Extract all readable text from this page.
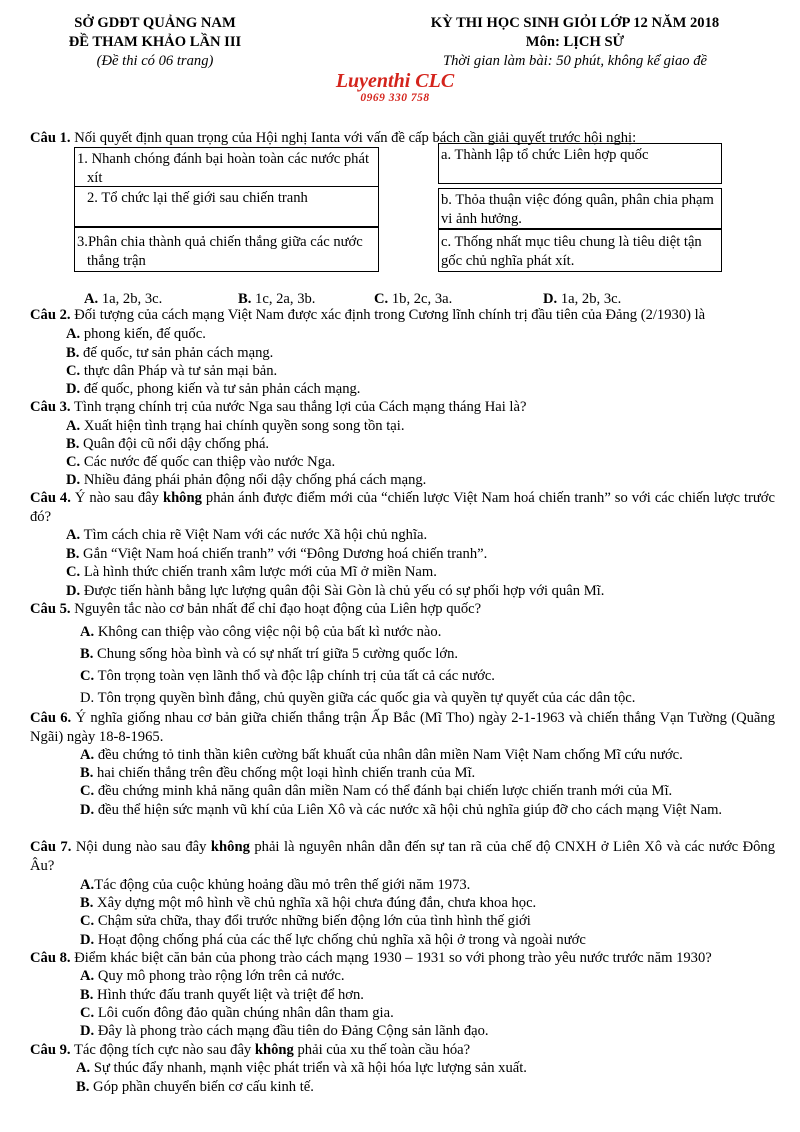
SỞ GDĐT QUẢNG NAM
ĐỀ THAM KHẢO LẦN III
(Đề thi có 06 trang)
KỲ THI HỌC SINH GIỎI LỚP 12 NĂM 2018
Môn: LỊCH SỬ
Thời gian làm bài: 50 phút, không kể giao đề
Luyenthi CLC
0969 330 758
Câu 1. Nối quyết định quan trọng của Hội nghị Ianta với vấn đề cấp bách cần giải quyết trước hội nghị:
1. Nhanh chóng đánh bại hoàn toàn các nước phát xít
2. Tổ chức lại thế giới sau chiến tranh
3.Phân chia thành quả chiến thắng giữa các nước thắng trận
a. Thành lập tổ chức Liên hợp quốc
b. Thỏa thuận việc đóng quân, phân chia phạm vi ảnh hưởng.
c. Thống nhất mục tiêu chung là tiêu diệt tận gốc chủ nghĩa phát xít.
A. 1a, 2b, 3c.	B. 1c, 2a, 3b.	C. 1b, 2c, 3a.	D. 1a, 2b, 3c.
Câu 2. Đối tượng của cách mạng Việt Nam được xác định trong Cương lĩnh chính trị đầu tiên của Đảng (2/1930) là
A. phong kiến, đế quốc.
B. đế quốc, tư sản phản cách mạng.
C. thực dân Pháp và tư sản mại bản.
D. đế quốc, phong kiến và tư sản phản cách mạng.
Câu 3. Tình trạng chính trị của nước Nga sau thắng lợi của Cách mạng tháng Hai là?
A. Xuất hiện tình trạng hai chính quyền song song tồn tại.
B. Quân đội cũ nổi dậy chống phá.
C. Các nước đế quốc can thiệp vào nước Nga.
D. Nhiều đảng phái phản động nổi dậy chống phá cách mạng.
Câu 4. Ý nào sau đây không phản ánh được điểm mới của “chiến lược Việt Nam hoá chiến tranh” so với các chiến lược trước đó?
A. Tìm cách chia rẽ Việt Nam với các nước Xã hội chủ nghĩa.
B. Gắn “Việt Nam hoá chiến tranh” với “Đông Dương hoá chiến tranh”.
C. Là hình thức chiến tranh xâm lược mới của Mĩ ở miền Nam.
D. Được tiến hành bằng lực lượng quân đội Sài Gòn là chủ yếu có sự phối hợp với quân Mĩ.
Câu 5. Nguyên tắc nào cơ bản nhất để chỉ đạo hoạt động của Liên hợp quốc?
A. Không can thiệp vào công việc nội bộ của bất kì nước nào.
B. Chung sống hòa bình và có sự nhất trí giữa 5 cường quốc lớn.
C. Tôn trọng toàn vẹn lãnh thổ và độc lập chính trị của tất cả các nước.
D. Tôn trọng quyền bình đẳng, chủ quyền giữa các quốc gia và quyền tự quyết của các dân tộc.
Câu 6. Ý nghĩa giống nhau cơ bản giữa chiến thắng trận Ấp Bắc (Mĩ Tho) ngày 2-1-1963 và chiến thắng Vạn Tường (Quãng Ngãi) ngày 18-8-1965.
A. đều chứng tỏ tinh thần kiên cường bất khuất của nhân dân miền Nam Việt Nam chống Mĩ cứu nước.
B. hai chiến thắng trên đều chống một loại hình chiến tranh của Mĩ.
C. đều chứng minh khả năng quân dân miền Nam có thể đánh bại chiến lược chiến tranh mới của Mĩ.
D. đều thể hiện sức mạnh vũ khí của Liên Xô và các nước xã hội chủ nghĩa giúp đỡ cho cách mạng Việt Nam.
Câu 7. Nội dung nào sau đây không phải là nguyên nhân dẫn đến sự tan rã của chế độ CNXH ở Liên Xô và các nước Đông Âu?
A.Tác động của cuộc khủng hoảng dầu mỏ trên thế giới năm 1973.
B. Xây dựng một mô hình về chủ nghĩa xã hội chưa đúng đắn, chưa khoa học.
C. Chậm sửa chữa, thay đổi trước những biến động lớn của tình hình thế giới
D. Hoạt động chống phá của các thế lực chống chủ nghĩa xã hội ở trong và ngoài nước
Câu 8. Điểm khác biệt căn bản của phong trào cách mạng 1930 – 1931 so với phong trào yêu nước trước năm 1930?
A. Quy mô phong trào rộng lớn trên cả nước.
B. Hình thức đấu tranh quyết liệt và triệt để hơn.
C. Lôi cuốn đông đảo quần chúng nhân dân tham gia.
D. Đây là phong trào cách mạng đầu tiên do Đảng Cộng sản lãnh đạo.
Câu 9. Tác động tích cực nào sau đây không phải của xu thế toàn cầu hóa?
A. Sự thúc đẩy nhanh, mạnh việc phát triển và xã hội hóa lực lượng sản xuất.
B. Góp phần chuyển biến cơ cấu kinh tế.
